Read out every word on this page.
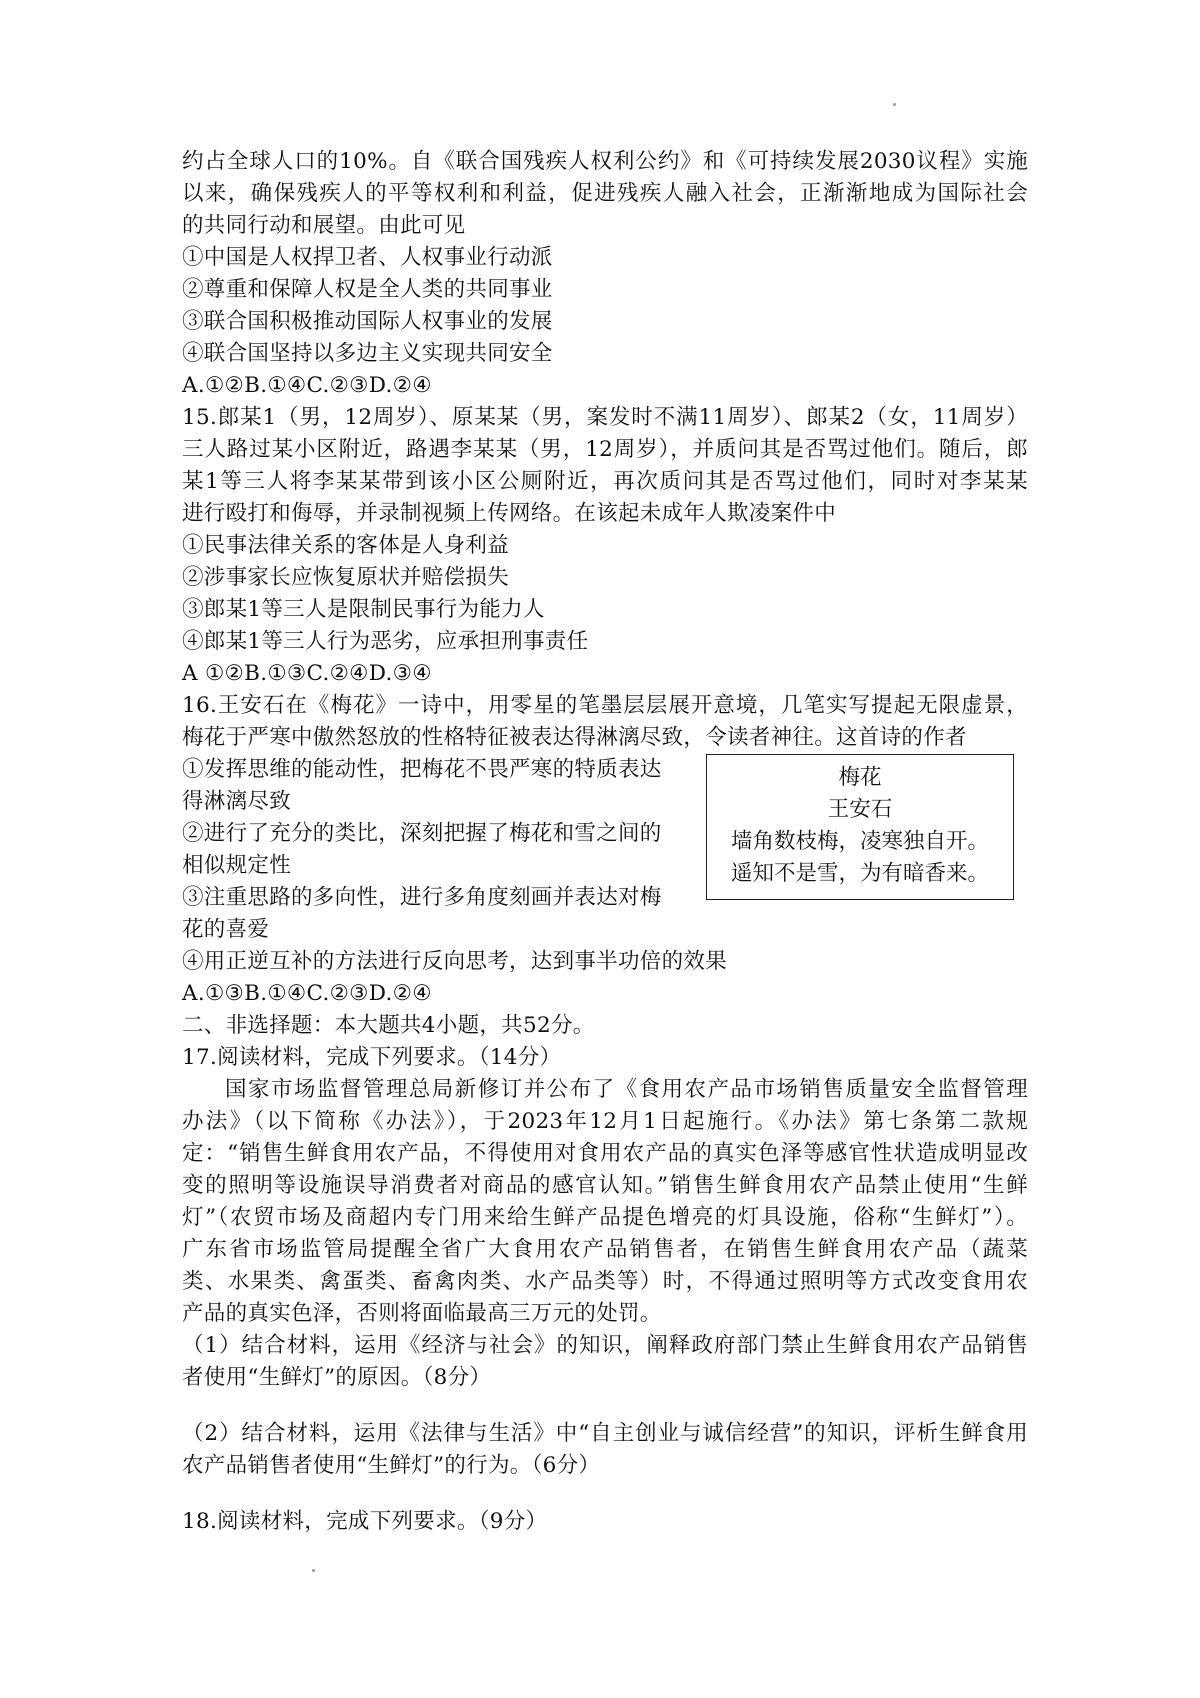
约占全球人口的10%。自《联合国残疾人权利公约》和《可持续发展2030议程》实施
以来，确保残疾人的平等权利和利益，促进残疾人融入社会，正渐渐地成为国际社会
的共同行动和展望。由此可见
①中国是人权捍卫者、人权事业行动派
②尊重和保障人权是全人类的共同事业
③联合国积极推动国际人权事业的发展
④联合国坚持以多边主义实现共同安全
A.①②B.①④C.②③D.②④
15.郎某1（男，12周岁）、原某某（男，案发时不满11周岁）、郎某2（女，11周岁）
三人路过某小区附近，路遇李某某（男，12周岁），并质问其是否骂过他们。随后，郎
某1等三人将李某某带到该小区公厕附近，再次质问其是否骂过他们，同时对李某某
进行殴打和侮辱，并录制视频上传网络。在该起未成年人欺凌案件中
①民事法律关系的客体是人身利益
②涉事家长应恢复原状并赔偿损失
③郎某1等三人是限制民事行为能力人
④郎某1等三人行为恶劣，应承担刑事责任
A ①②B.①③C.②④D.③④
16.王安石在《梅花》一诗中，用零星的笔墨层层展开意境，几笔实写提起无限虚景，
梅花于严寒中傲然怒放的性格特征被表达得淋漓尽致，令读者神往。这首诗的作者
①发挥思维的能动性，把梅花不畏严寒的特质表达
得淋漓尽致
②进行了充分的类比，深刻把握了梅花和雪之间的
相似规定性
③注重思路的多向性，进行多角度刻画并表达对梅
花的喜爱
④用正逆互补的方法进行反向思考，达到事半功倍的效果
A.①③B.①④C.②③D.②④
梅花
王安石
墙角数枝梅，凌寒独自开。
遥知不是雪，为有暗香来。
二、非选择题：本大题共4小题，共52分。
17.阅读材料，完成下列要求。（14分）
国家市场监督管理总局新修订并公布了《食用农产品市场销售质量安全监督管理
办法》（以下简称《办法》），于2023年12月1日起施行。《办法》第七条第二款规
定：“销售生鲜食用农产品，不得使用对食用农产品的真实色泽等感官性状造成明显改
变的照明等设施误导消费者对商品的感官认知。”销售生鲜食用农产品禁止使用“生鲜
灯”（农贸市场及商超内专门用来给生鲜产品提色增亮的灯具设施，俗称“生鲜灯”）。
广东省市场监管局提醒全省广大食用农产品销售者，在销售生鲜食用农产品（蔬菜
类、水果类、禽蛋类、畜禽肉类、水产品类等）时，不得通过照明等方式改变食用农
产品的真实色泽，否则将面临最高三万元的处罚。
（1）结合材料，运用《经济与社会》的知识，阐释政府部门禁止生鲜食用农产品销售
者使用“生鲜灯”的原因。（8分）
（2）结合材料，运用《法律与生活》中“自主创业与诚信经营”的知识，评析生鲜食用
农产品销售者使用“生鲜灯”的行为。（6分）
18.阅读材料，完成下列要求。（9分）
